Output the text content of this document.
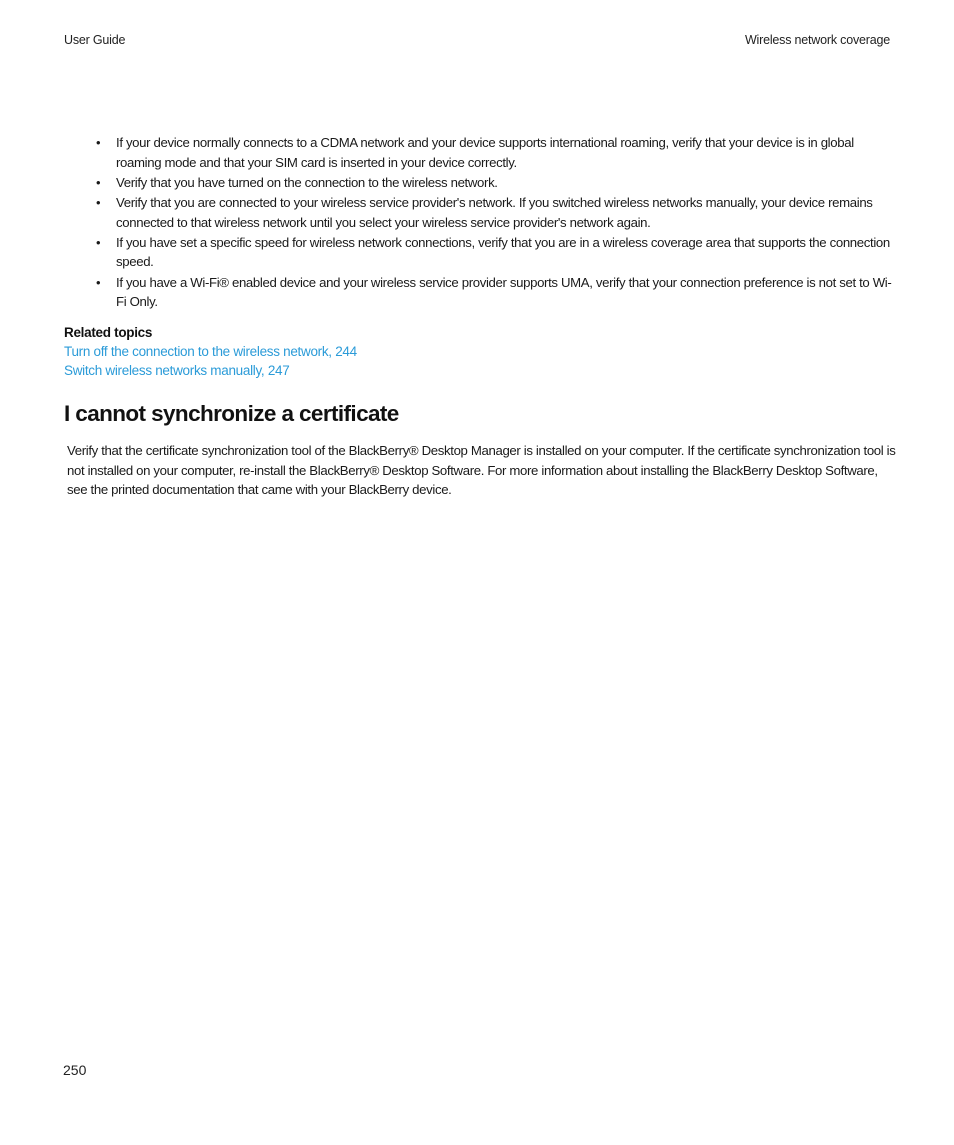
User Guide	Wireless network coverage
• If your device normally connects to a CDMA network and your device supports international roaming, verify that your device is in global roaming mode and that your SIM card is inserted in your device correctly.
• Verify that you have turned on the connection to the wireless network.
• Verify that you are connected to your wireless service provider's network. If you switched wireless networks manually, your device remains connected to that wireless network until you select your wireless service provider's network again.
• If you have set a specific speed for wireless network connections, verify that you are in a wireless coverage area that supports the connection speed.
• If you have a Wi-Fi® enabled device and your wireless service provider supports UMA, verify that your connection preference is not set to Wi-Fi Only.
Related topics
Turn off the connection to the wireless network, 244
Switch wireless networks manually, 247
I cannot synchronize a certificate

Verify that the certificate synchronization tool of the BlackBerry® Desktop Manager is installed on your computer. If the certificate synchronization tool is not installed on your computer, re-install the BlackBerry® Desktop Software. For more information about installing the BlackBerry Desktop Software, see the printed documentation that came with your BlackBerry device.

250
